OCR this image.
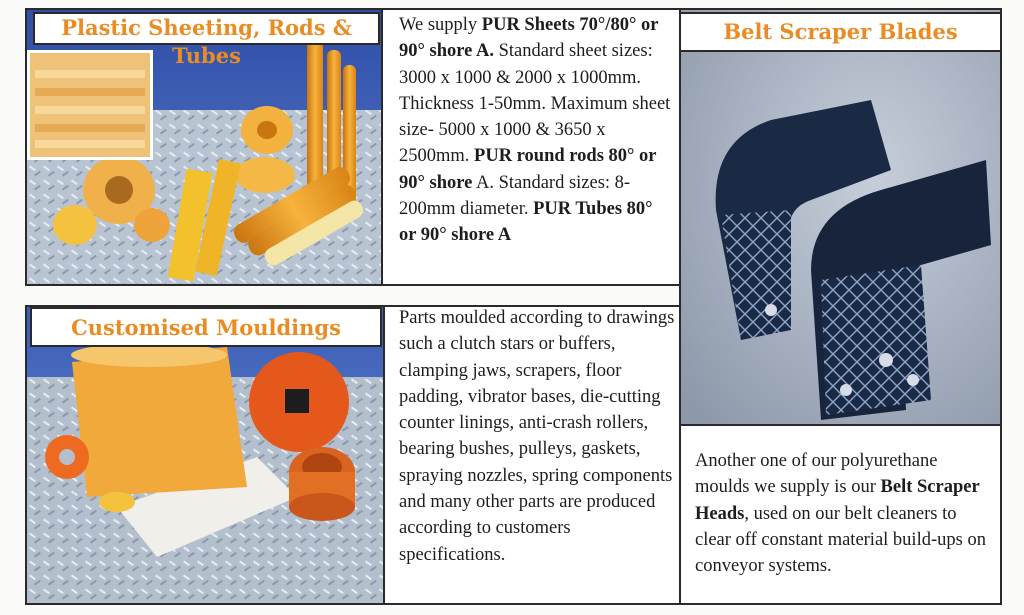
Plastic Sheeting, Rods & Tubes
We supply PUR Sheets 70°/80° or 90° shore A. Standard sheet sizes: 3000 x 1000 & 2000 x 1000mm. Thickness 1-50mm. Maximum sheet size- 5000 x 1000 & 3650 x 2500mm. PUR round rods 80° or 90° shore A. Standard sizes: 8-200mm diameter. PUR Tubes 80° or 90° shore A
Belt Scraper Blades
Customised Mouldings	Parts moulded according to drawings such a clutch stars or buffers, clamping jaws, scrapers, floor padding, vibrator bases, die-cutting counter linings, anti-crash rollers, bearing bushes, pulleys, gaskets, spraying nozzles, spring components and many other parts are produced according to customers specifications.
Another one of our polyurethane moulds we supply is our Belt Scraper Heads, used on our belt cleaners to clear off constant material build-ups on conveyor systems.
